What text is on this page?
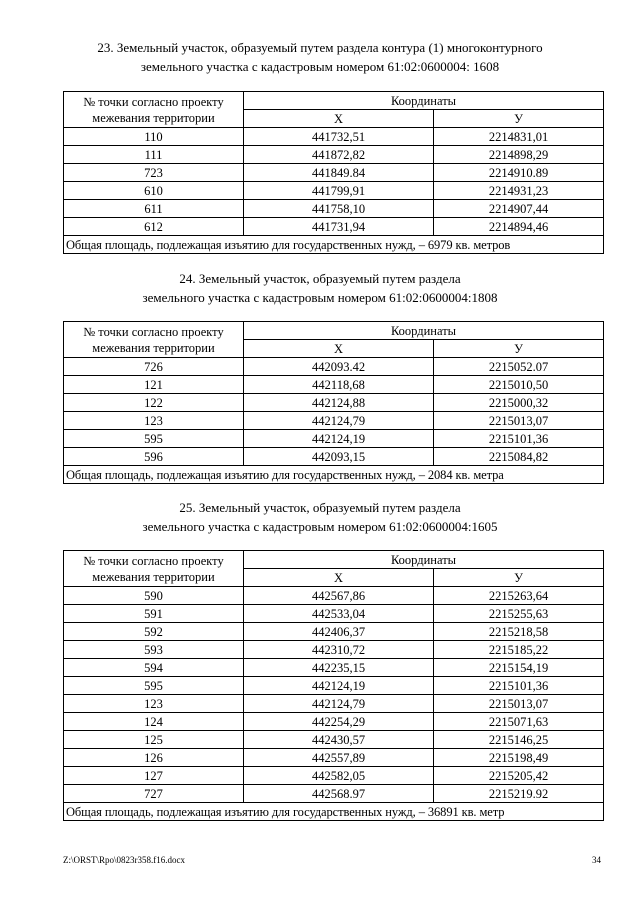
23. Земельный участок, образуемый путем раздела контура (1) многоконтурного
земельного участка с кадастровым номером 61:02:0600004: 1608
№ точки согласно проекту
межевания территории	Координаты	
	X	У
110	441732,51	2214831,01
111	441872,82	2214898,29
723	441849.84	2214910.89
610	441799,91	2214931,23
611	441758,10	2214907,44
612	441731,94	2214894,46
Общая площадь, подлежащая изъятию для государственных нужд, – 6979 кв. метров		
24. Земельный участок, образуемый путем раздела
земельного участка с кадастровым номером 61:02:0600004:1808
№ точки согласно проекту
межевания территории	Координаты	
	X	У
726	442093.42	2215052.07
121	442118,68	2215010,50
122	442124,88	2215000,32
123	442124,79	2215013,07
595	442124,19	2215101,36
596	442093,15	2215084,82
Общая площадь, подлежащая изъятию для государственных нужд, – 2084 кв. метра		
25. Земельный участок, образуемый путем раздела
земельного участка с кадастровым номером 61:02:0600004:1605
№ точки согласно проекту
межевания территории	Координаты	
	X	У
590	442567,86	2215263,64
591	442533,04	2215255,63
592	442406,37	2215218,58
593	442310,72	2215185,22
594	442235,15	2215154,19
595	442124,19	2215101,36
123	442124,79	2215013,07
124	442254,29	2215071,63
125	442430,57	2215146,25
126	442557,89	2215198,49
127	442582,05	2215205,42
727	442568.97	2215219.92
Общая площадь, подлежащая изъятию для государственных нужд, – 36891 кв. метр		
Z:\ORST\Rpo\0823r358.f16.docx	34
